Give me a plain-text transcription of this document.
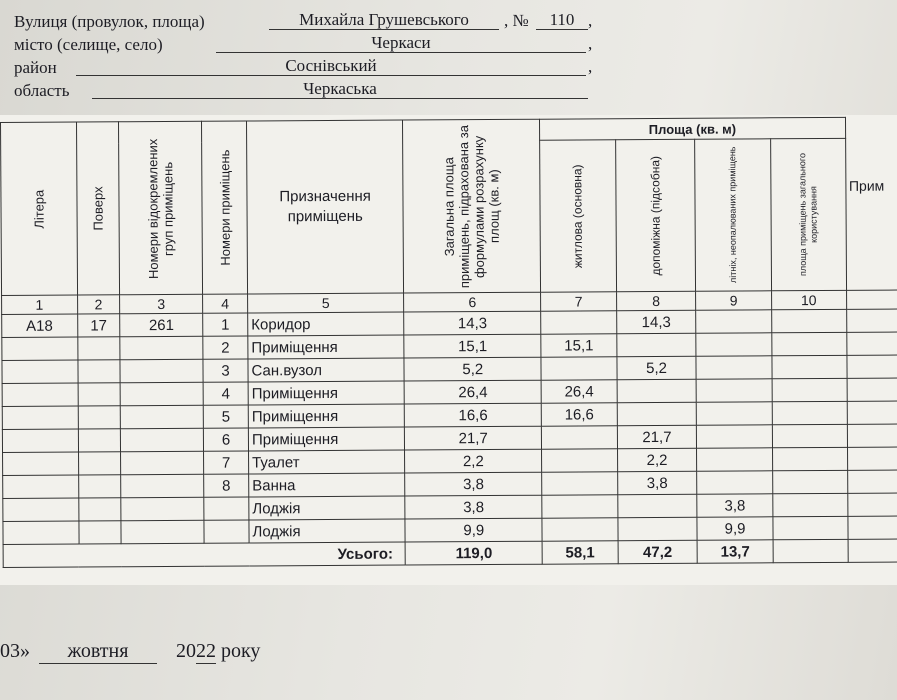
Вулиця (провулок, площа)	Михайла Грушевського	, №	110 ,
місто (селище, село)	Черкаси	,
район	Соснівський	,
область	Черкаська
Літера	Поверх	Номери відокремлених груп приміщень	Номери приміщень	Призначення приміщень	Загальна площа приміщень, підрахована за формулами розрахунку площ (кв. м)	Площа (кв. м)				Прим

						житлова (основна)	допоміжна (підсобна)	літніх, неопалюваних приміщень	площа приміщень загального користування	

1	2	3	4	5	6	7	8	9	10	
А18	17	261	1	Коридор	14,3		14,3			
			2	Приміщення	15,1	15,1				
			3	Сан.вузол	5,2		5,2			
			4	Приміщення	26,4	26,4				
			5	Приміщення	16,6	16,6				
			6	Приміщення	21,7		21,7			
			7	Туалет	2,2		2,2			
			8	Ванна	3,8		3,8			
				Лоджія	3,8			3,8		
				Лоджія	9,9			9,9		
Усього:					119,0	58,1	47,2	13,7		
03» жовтня 2022 року
